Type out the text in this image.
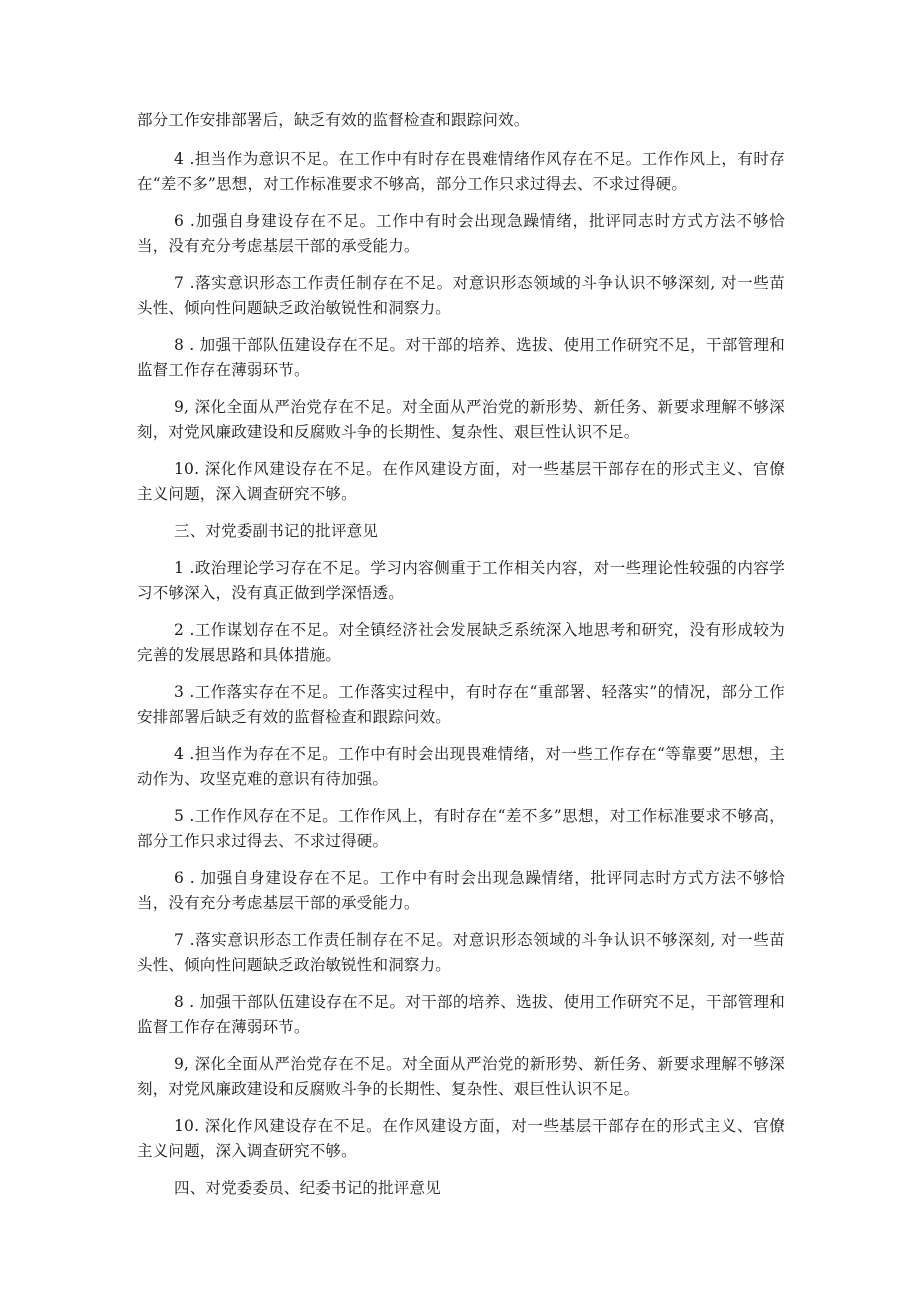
部分工作安排部署后，缺乏有效的监督检查和跟踪问效。

4 .担当作为意识不足。在工作中有时存在畏难情绪作风存在不足。工作作风上，有时存在“差不多”思想，对工作标准要求不够高，部分工作只求过得去、不求过得硬。

6 .加强自身建设存在不足。工作中有时会出现急躁情绪，批评同志时方式方法不够恰当，没有充分考虑基层干部的承受能力。

7 .落实意识形态工作责任制存在不足。对意识形态领域的斗争认识不够深刻, 对一些苗头性、倾向性问题缺乏政治敏锐性和洞察力。

8 . 加强干部队伍建设存在不足。对干部的培养、选拔、使用工作研究不足，干部管理和监督工作存在薄弱环节。

9, 深化全面从严治党存在不足。对全面从严治党的新形势、新任务、新要求理解不够深刻，对党风廉政建设和反腐败斗争的长期性、复杂性、艰巨性认识不足。

10. 深化作风建设存在不足。在作风建设方面，对一些基层干部存在的形式主义、官僚主义问题，深入调查研究不够。

三、对党委副书记的批评意见

1 .政治理论学习存在不足。学习内容侧重于工作相关内容，对一些理论性较强的内容学习不够深入，没有真正做到学深悟透。

2 .工作谋划存在不足。对全镇经济社会发展缺乏系统深入地思考和研究，没有形成较为完善的发展思路和具体措施。

3 .工作落实存在不足。工作落实过程中，有时存在“重部署、轻落实”的情况，部分工作安排部署后缺乏有效的监督检查和跟踪问效。

4 .担当作为存在不足。工作中有时会出现畏难情绪，对一些工作存在“等靠要”思想，主动作为、攻坚克难的意识有待加强。

5 .工作作风存在不足。工作作风上，有时存在“差不多”思想，对工作标准要求不够高，部分工作只求过得去、不求过得硬。

6 . 加强自身建设存在不足。工作中有时会出现急躁情绪，批评同志时方式方法不够恰当，没有充分考虑基层干部的承受能力。

7 .落实意识形态工作责任制存在不足。对意识形态领域的斗争认识不够深刻, 对一些苗头性、倾向性问题缺乏政治敏锐性和洞察力。

8 . 加强干部队伍建设存在不足。对干部的培养、选拔、使用工作研究不足，干部管理和监督工作存在薄弱环节。

9, 深化全面从严治党存在不足。对全面从严治党的新形势、新任务、新要求理解不够深刻，对党风廉政建设和反腐败斗争的长期性、复杂性、艰巨性认识不足。

10. 深化作风建设存在不足。在作风建设方面，对一些基层干部存在的形式主义、官僚主义问题，深入调查研究不够。

四、对党委委员、纪委书记的批评意见
